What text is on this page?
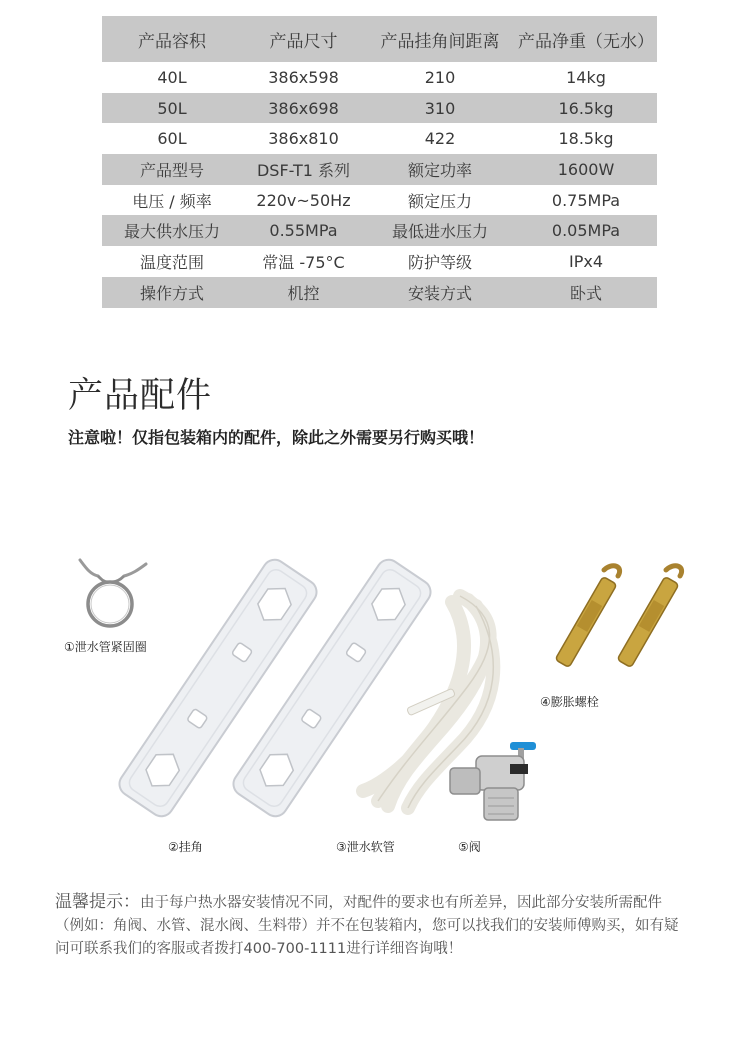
产品容积	产品尺寸	产品挂角间距离	产品净重（无水）
40L	386x598	210	14kg
50L	386x698	310	16.5kg
60L	386x810	422	18.5kg
产品型号	DSF-T1 系列	额定功率	1600W
电压 / 频率	220v~50Hz	额定压力	0.75MPa
最大供水压力	0.55MPa	最低进水压力	0.05MPa
温度范围	常温 -75°C	防护等级	IPx4
操作方式	机控	安装方式	卧式
产品配件
注意啦！仅指包装箱内的配件，除此之外需要另行购买哦！
①泄水管紧固圈
②挂角	③泄水软管
④膨胀螺栓
⑤阀
温馨提示：由于每户热水器安装情况不同，对配件的要求也有所差异，因此部分安装所需配件
（例如：角阀、水管、混水阀、生料带）并不在包装箱内，您可以找我们的安装师傅购买，如有疑
问可联系我们的客服或者拨打400-700-1111进行详细咨询哦！
